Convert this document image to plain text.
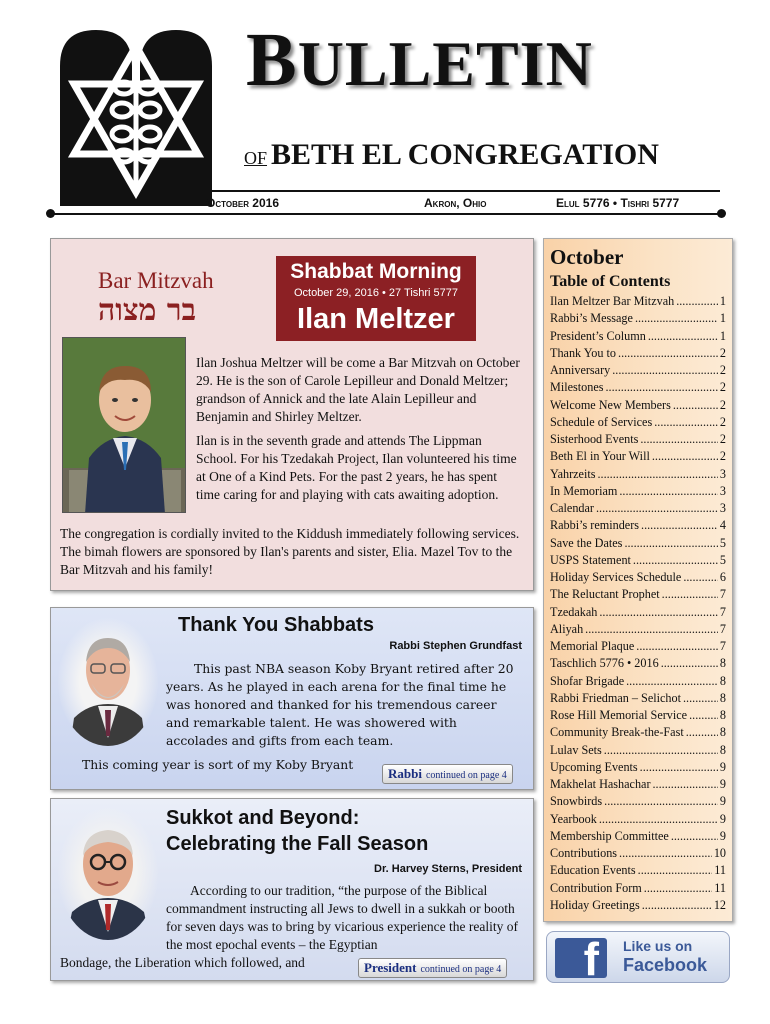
BULLETIN
OF BETH EL CONGREGATION
October 2016	Akron, Ohio	Elul 5776 • Tishri 5777
Bar Mitzvah
בר מצוה
Shabbat Morning
October 29, 2016 • 27 Tishri 5777
Ilan Meltzer

Ilan Joshua Meltzer will be come a Bar Mitzvah on October 29. He is the son of Carole Lepilleur and Donald Meltzer; grandson of Annick and the late Alain Lepilleur and Benjamin and Shirley Meltzer.

Ilan is in the seventh grade and attends The Lippman School. For his Tzedakah Project, Ilan volunteered his time at One of a Kind Pets. For the past 2 years, he has spent time caring for and playing with cats awaiting adoption.

The congregation is cordially invited to the Kiddush immediately following services. The bimah flowers are sponsored by Ilan's parents and sister, Elia. Mazel Tov to the Bar Mitzvah and his family!
Thank You Shabbats
Rabbi Stephen Grundfast
This past NBA season Koby Bryant retired after 20 years. As he played in each arena for the final time he was honored and thanked for his tremendous career and remarkable talent. He was showered with accolades and gifts from each team.
This coming year is sort of my Koby Bryant
Rabbi continued on page 4
Sukkot and Beyond:
Celebrating the Fall Season
Dr. Harvey Sterns, President
According to our tradition, “the purpose of the Biblical commandment instructing all Jews to dwell in a sukkah or booth for seven days was to bring by vicarious experience the reality of the most epochal events – the Egyptian
Bondage, the Liberation which followed, and	President continued on page 4
October
Table of Contents
Ilan Meltzer Bar Mitzvah .....	1
Rabbi’s Message .....	1
President’s Column .....	1
Thank You to .....	2
Anniversary .....	2
Milestones .....	2
Welcome New Members .....	2
Schedule of Services .....	2
Sisterhood Events .....	2
Beth El in Your Will .....	2
Yahrzeits .....	3
In Memoriam .....	3
Calendar .....	3
Rabbi’s reminders .....	4
Save the Dates .....	5
USPS Statement .....	5
Holiday Services Schedule .....	6
The Reluctant Prophet .....	7
Tzedakah .....	7
Aliyah .....	7
Memorial Plaque .....	7
Taschlich 5776 • 2016 .....	8
Shofar Brigade .....	8
Rabbi Friedman – Selichot .....	8
Rose Hill Memorial Service .....	8
Community Break-the-Fast .....	8
Lulav Sets .....	8
Upcoming Events .....	9
Makhelat Hashachar .....	9
Snowbirds .....	9
Yearbook .....	9
Membership Committee .....	9
Contributions .....	10
Education Events .....	11
Contribution Form .....	11
Holiday Greetings .....	12
f Like us on
Facebook
